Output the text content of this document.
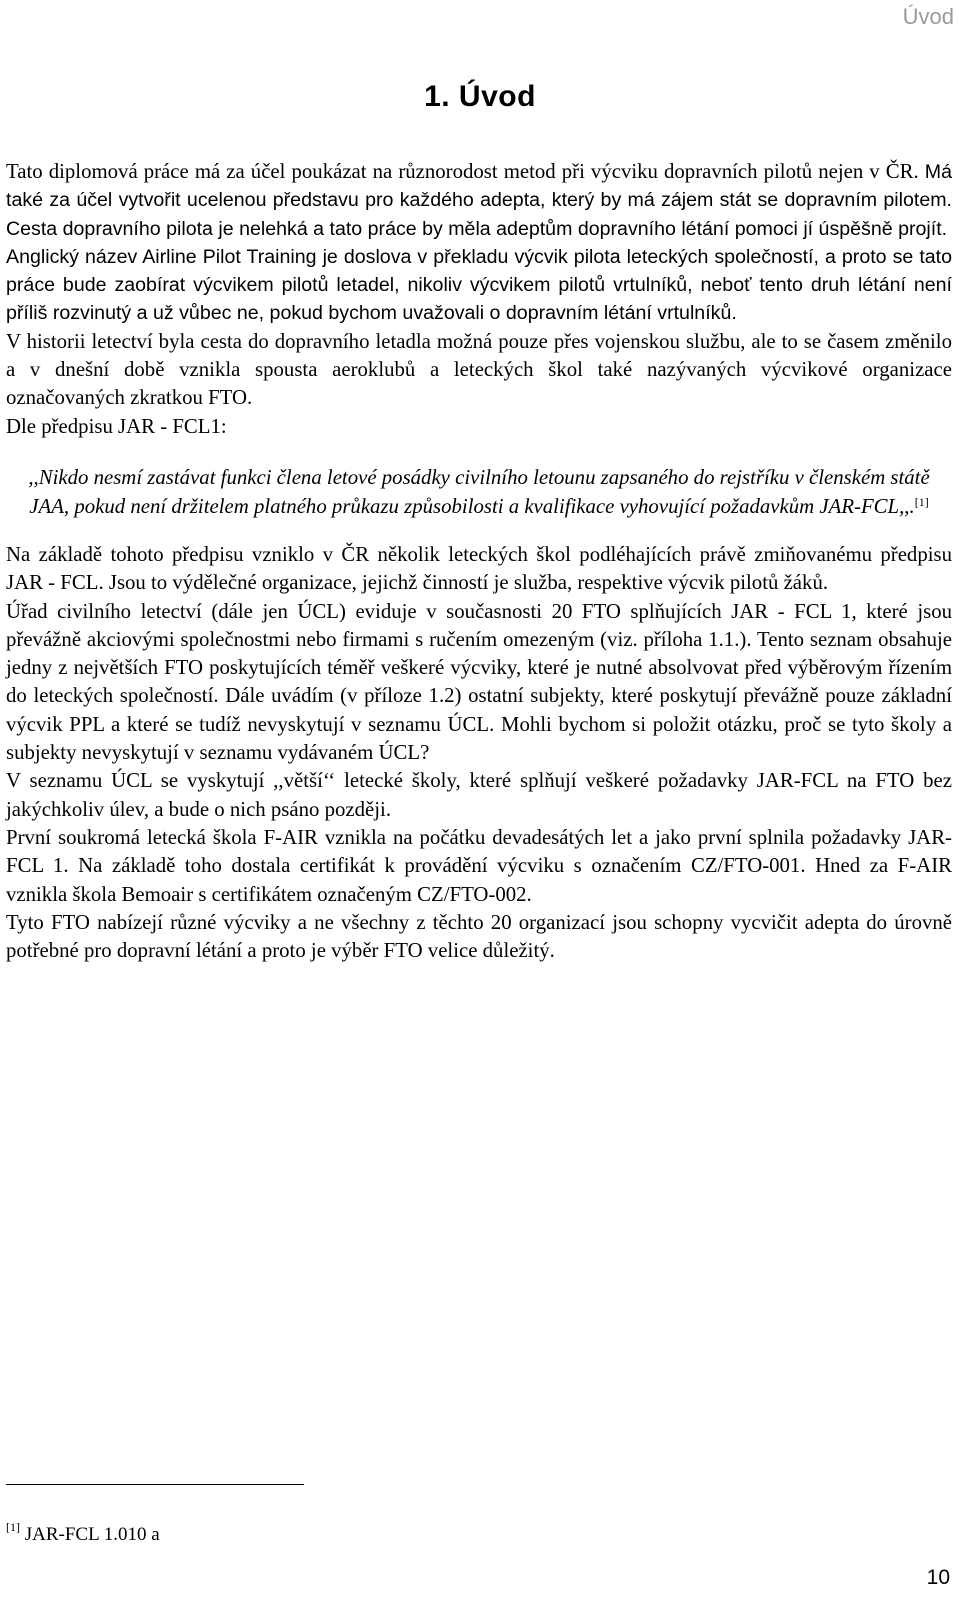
Úvod
1. Úvod

Tato diplomová práce má za účel poukázat na různorodost metod při výcviku dopravních pilotů nejen v ČR. Má také za účel vytvořit ucelenou představu pro každého adepta, který by má zájem stát se dopravním pilotem. Cesta dopravního pilota je nelehká a tato práce by měla adeptům dopravního létání pomoci jí úspěšně projít.

Anglický název Airline Pilot Training je doslova v překladu výcvik pilota leteckých společností, a proto se tato práce bude zaobírat výcvikem pilotů letadel, nikoliv výcvikem pilotů vrtulníků, neboť tento druh létání není příliš rozvinutý a už vůbec ne, pokud bychom uvažovali o dopravním létání vrtulníků.

V historii letectví byla cesta do dopravního letadla možná pouze přes vojenskou službu, ale to se časem změnilo a v dnešní době vznikla spousta aeroklubů a leteckých škol také nazývaných výcvikové organizace označovaných zkratkou FTO.

Dle předpisu JAR - FCL1:

,,Nikdo nesmí zastávat funkci člena letové posádky civilního letounu zapsaného do rejstříku v členském státě JAA, pokud není držitelem platného průkazu způsobilosti a kvalifikace vyhovující požadavkům JAR-FCL,,.[1]

Na základě tohoto předpisu vzniklo v ČR několik leteckých škol podléhajících právě zmiňovanému předpisu JAR - FCL. Jsou to výdělečné organizace, jejichž činností je služba, respektive výcvik pilotů žáků.

Úřad civilního letectví (dále jen ÚCL) eviduje v současnosti 20 FTO splňujících JAR - FCL 1, které jsou převážně akciovými společnostmi nebo firmami s ručením omezeným (viz. příloha 1.1.). Tento seznam obsahuje jedny z největších FTO poskytujících téměř veškeré výcviky, které je nutné absolvovat před výběrovým řízením do leteckých společností. Dále uvádím (v příloze 1.2) ostatní subjekty, které poskytují převážně pouze základní výcvik PPL a které se tudíž nevyskytují v seznamu ÚCL. Mohli bychom si položit otázku, proč se tyto školy a subjekty nevyskytují v seznamu vydávaném ÚCL?

V seznamu ÚCL se vyskytují ,,větší‘‘ letecké školy, které splňují veškeré požadavky JAR-FCL na FTO bez jakýchkoliv úlev, a bude o nich psáno později.

První soukromá letecká škola F-AIR vznikla na počátku devadesátých let a jako první splnila požadavky JAR-FCL 1. Na základě toho dostala certifikát k provádění výcviku s označením CZ/FTO-001. Hned za F-AIR vznikla škola Bemoair s certifikátem označeným CZ/FTO-002.

Tyto FTO nabízejí různé výcviky a ne všechny z těchto 20 organizací jsou schopny vycvičit adepta do úrovně potřebné pro dopravní létání a proto je výběr FTO velice důležitý.

[1] JAR-FCL 1.010 a
10
